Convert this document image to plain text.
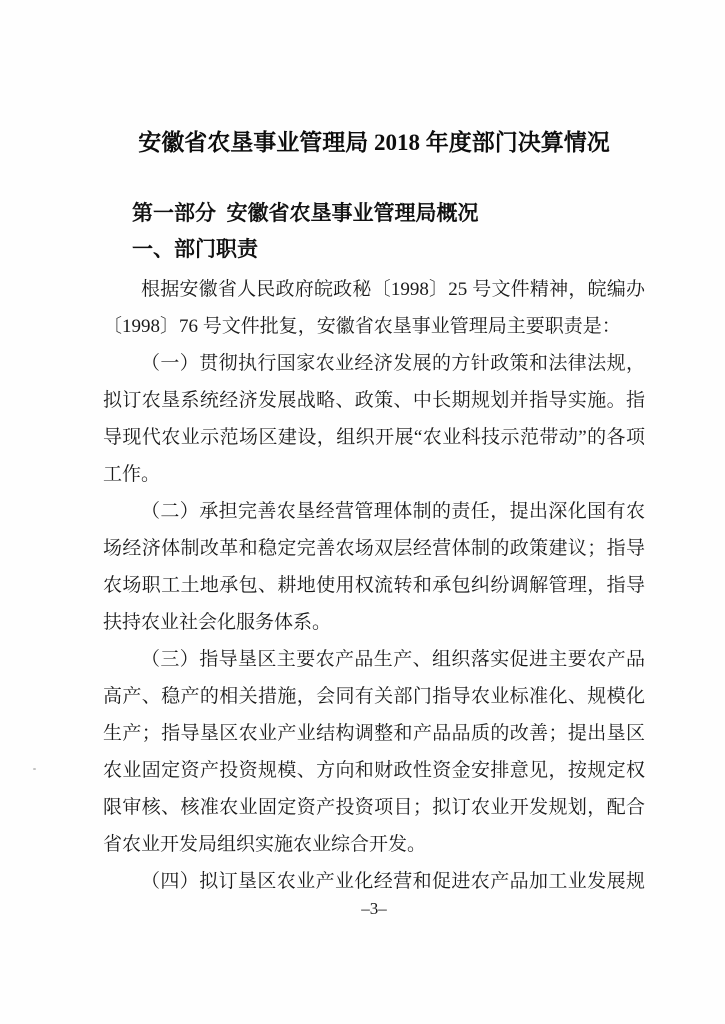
安徽省农垦事业管理局 2018 年度部门决算情况
第一部分  安徽省农垦事业管理局概况
一、部门职责
根据安徽省人民政府皖政秘〔1998〕25 号文件精神，皖编办
〔1998〕76 号文件批复，安徽省农垦事业管理局主要职责是：
（一）贯彻执行国家农业经济发展的方针政策和法律法规，
拟订农垦系统经济发展战略、政策、中长期规划并指导实施。指
导现代农业示范场区建设，组织开展“农业科技示范带动”的各项
工作。
（二）承担完善农垦经营管理体制的责任，提出深化国有农
场经济体制改革和稳定完善农场双层经营体制的政策建议；指导
农场职工土地承包、耕地使用权流转和承包纠纷调解管理，指导
扶持农业社会化服务体系。
（三）指导垦区主要农产品生产、组织落实促进主要农产品
高产、稳产的相关措施，会同有关部门指导农业标准化、规模化
生产；指导垦区农业产业结构调整和产品品质的改善；提出垦区
农业固定资产投资规模、方向和财政性资金安排意见，按规定权
限审核、核准农业固定资产投资项目；拟订农业开发规划，配合
省农业开发局组织实施农业综合开发。
（四）拟订垦区农业产业化经营和促进农产品加工业发展规
–3–
